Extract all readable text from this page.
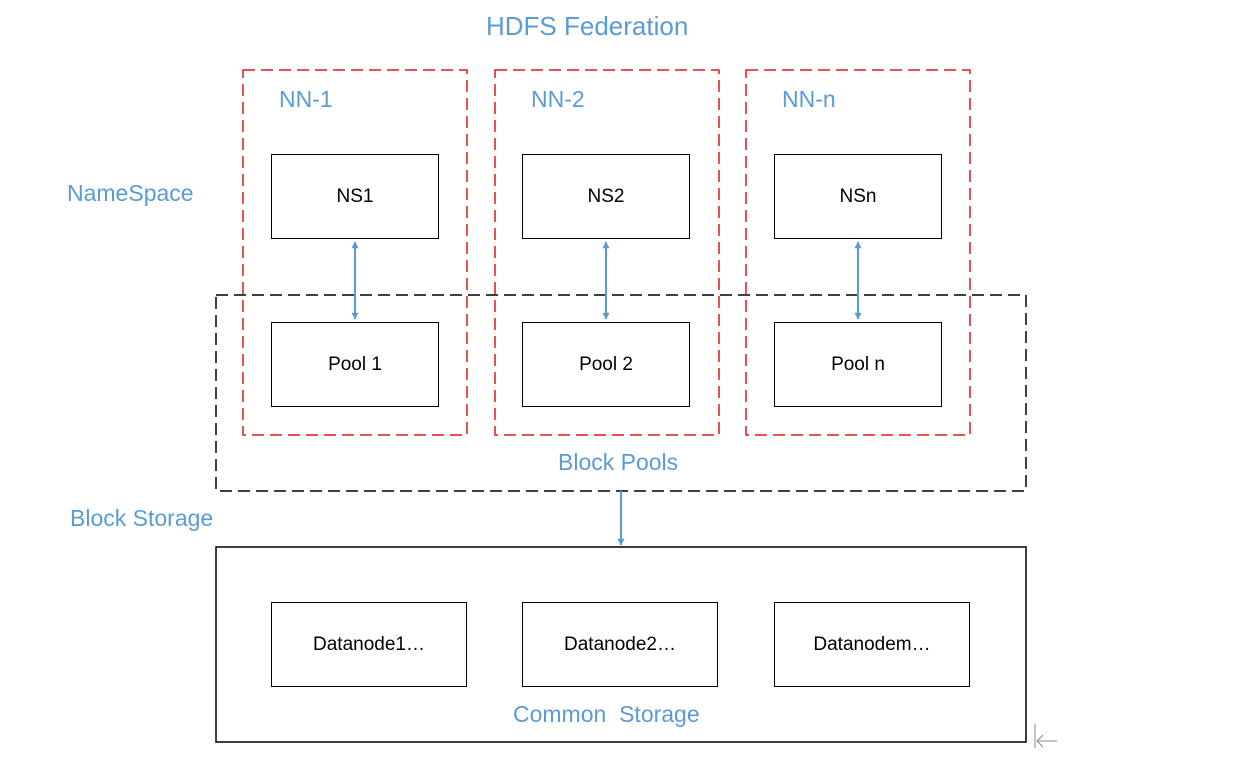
HDFS Federation
NN-1	NN-2	NN-n
NameSpace
Block Pools
Block Storage
Common  Storage
NS1	NS2	NSn
Pool 1	Pool 2	Pool n
Datanode1…	Datanode2…	Datanodem…
